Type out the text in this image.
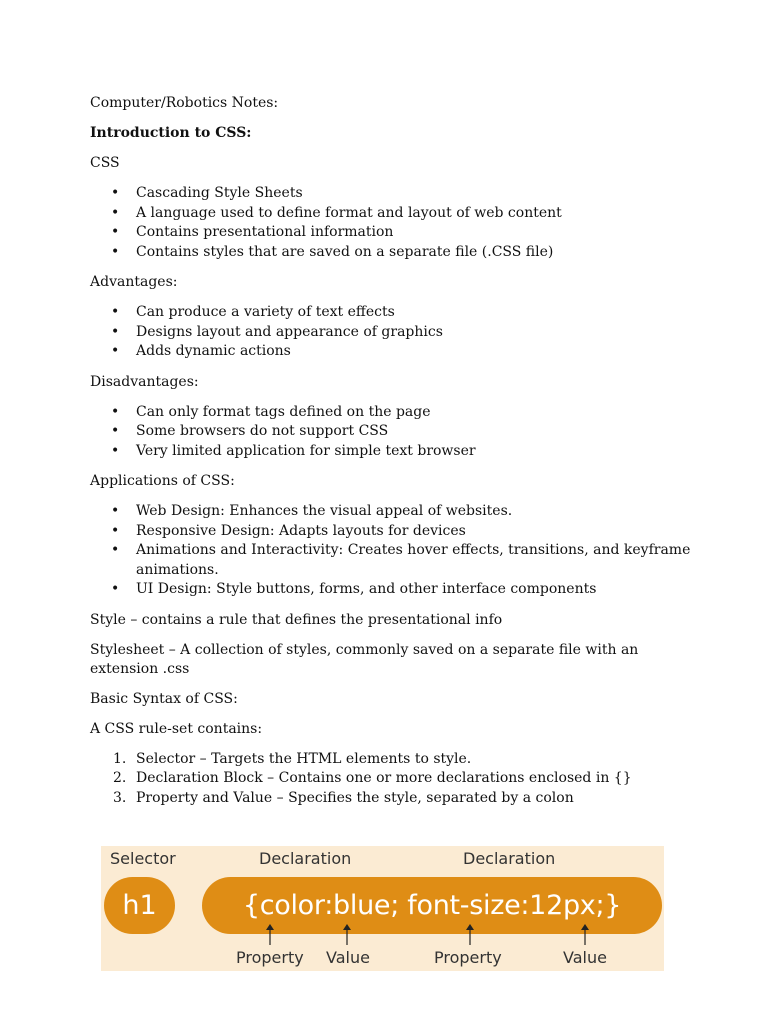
Computer/Robotics Notes:

Introduction to CSS:

CSS

• Cascading Style Sheets
• A language used to define format and layout of web content
• Contains presentational information
• Contains styles that are saved on a separate file (.CSS file)

Advantages:

• Can produce a variety of text effects
• Designs layout and appearance of graphics
• Adds dynamic actions

Disadvantages:

• Can only format tags defined on the page
• Some browsers do not support CSS
• Very limited application for simple text browser

Applications of CSS:

• Web Design: Enhances the visual appeal of websites.
• Responsive Design: Adapts layouts for devices
• Animations and Interactivity: Creates hover effects, transitions, and keyframe animations.
• UI Design: Style buttons, forms, and other interface components

Style – contains a rule that defines the presentational info

Stylesheet – A collection of styles, commonly saved on a separate file with an extension .css

Basic Syntax of CSS:

A CSS rule-set contains:

1. Selector – Targets the HTML elements to style.
2. Declaration Block – Contains one or more declarations enclosed in {}
3. Property and Value – Specifies the style, separated by a colon
Selector	Declaration	Declaration
h1	{color:blue; font-size:12px;}
Property Value	Property	Value
